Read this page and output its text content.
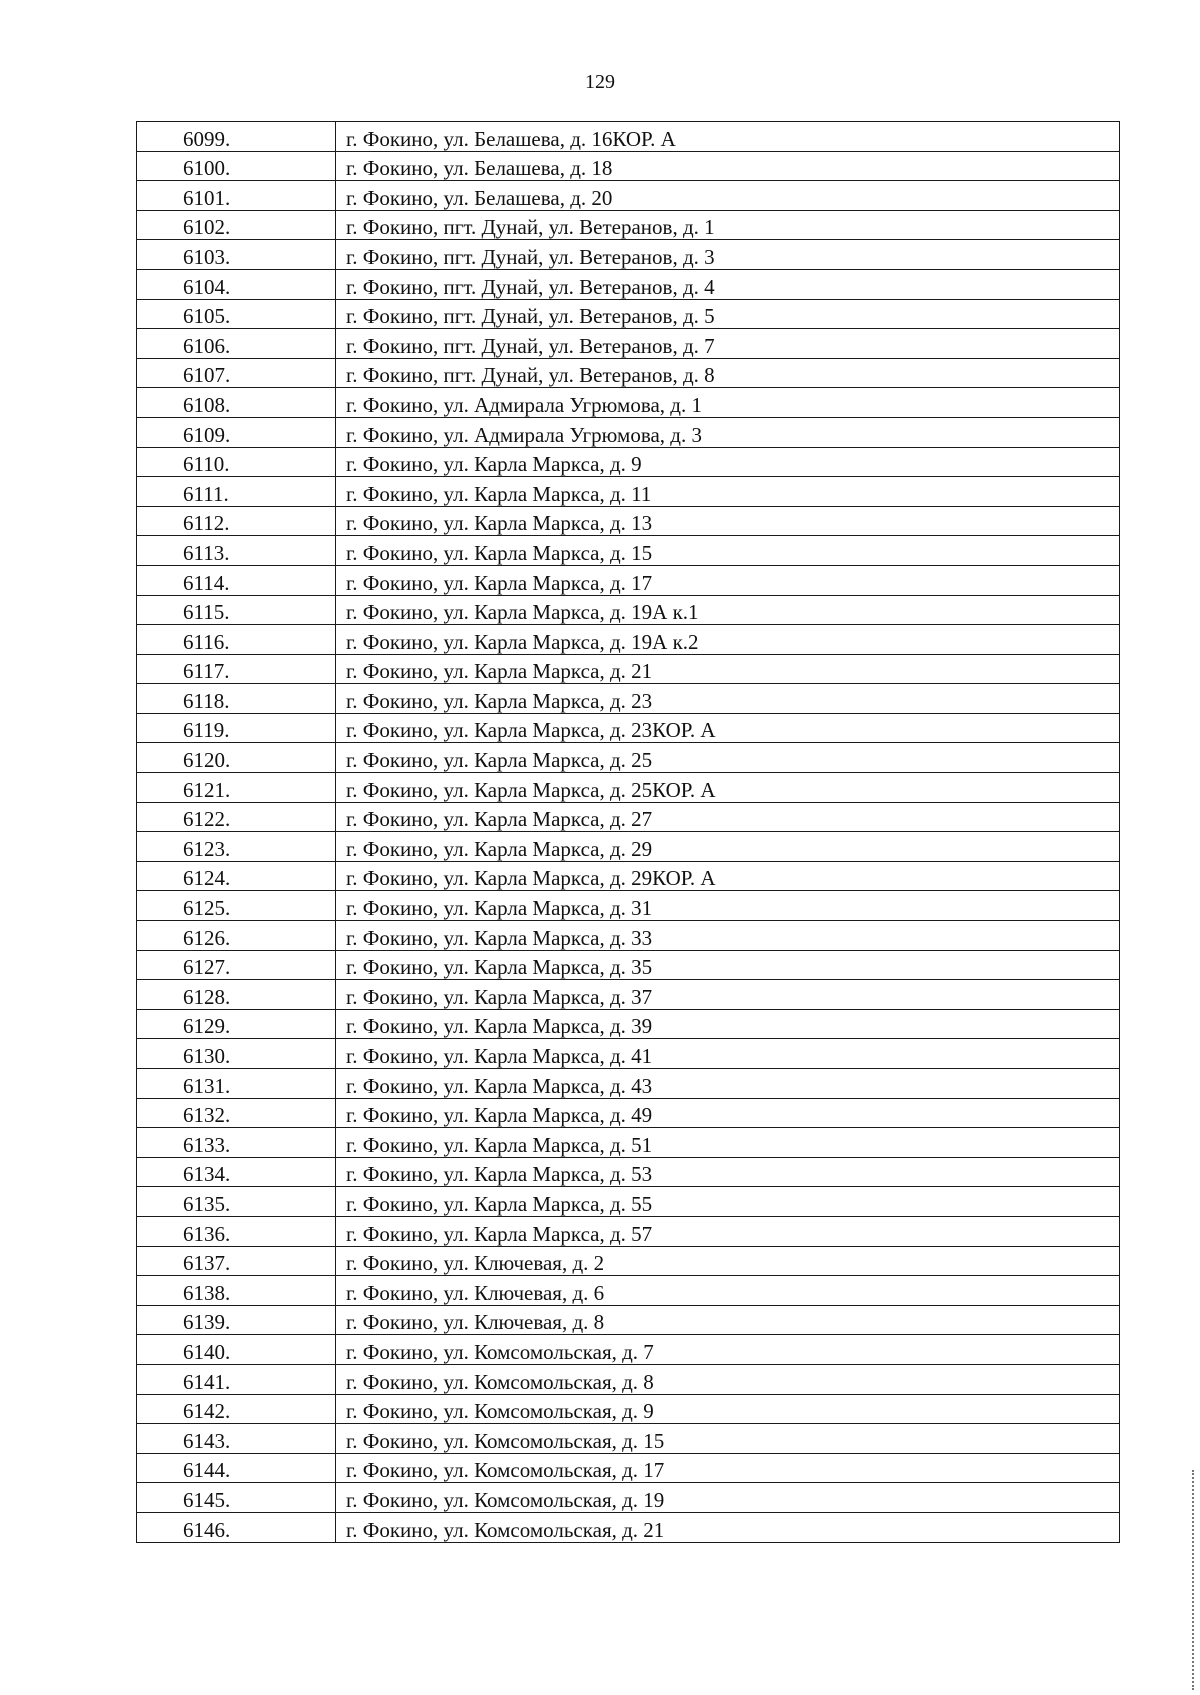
129
6099.	г. Фокино, ул. Белашева, д. 16КОР. А
6100.	г. Фокино, ул. Белашева, д. 18
6101.	г. Фокино, ул. Белашева, д. 20
6102.	г. Фокино, пгт. Дунай, ул. Ветеранов, д. 1
6103.	г. Фокино, пгт. Дунай, ул. Ветеранов, д. 3
6104.	г. Фокино, пгт. Дунай, ул. Ветеранов, д. 4
6105.	г. Фокино, пгт. Дунай, ул. Ветеранов, д. 5
6106.	г. Фокино, пгт. Дунай, ул. Ветеранов, д. 7
6107.	г. Фокино, пгт. Дунай, ул. Ветеранов, д. 8
6108.	г. Фокино, ул. Адмирала Угрюмова, д. 1
6109.	г. Фокино, ул. Адмирала Угрюмова, д. 3
6110.	г. Фокино, ул. Карла Маркса, д. 9
6111.	г. Фокино, ул. Карла Маркса, д. 11
6112.	г. Фокино, ул. Карла Маркса, д. 13
6113.	г. Фокино, ул. Карла Маркса, д. 15
6114.	г. Фокино, ул. Карла Маркса, д. 17
6115.	г. Фокино, ул. Карла Маркса, д. 19А к.1
6116.	г. Фокино, ул. Карла Маркса, д. 19А к.2
6117.	г. Фокино, ул. Карла Маркса, д. 21
6118.	г. Фокино, ул. Карла Маркса, д. 23
6119.	г. Фокино, ул. Карла Маркса, д. 23КОР. А
6120.	г. Фокино, ул. Карла Маркса, д. 25
6121.	г. Фокино, ул. Карла Маркса, д. 25КОР. А
6122.	г. Фокино, ул. Карла Маркса, д. 27
6123.	г. Фокино, ул. Карла Маркса, д. 29
6124.	г. Фокино, ул. Карла Маркса, д. 29КОР. А
6125.	г. Фокино, ул. Карла Маркса, д. 31
6126.	г. Фокино, ул. Карла Маркса, д. 33
6127.	г. Фокино, ул. Карла Маркса, д. 35
6128.	г. Фокино, ул. Карла Маркса, д. 37
6129.	г. Фокино, ул. Карла Маркса, д. 39
6130.	г. Фокино, ул. Карла Маркса, д. 41
6131.	г. Фокино, ул. Карла Маркса, д. 43
6132.	г. Фокино, ул. Карла Маркса, д. 49
6133.	г. Фокино, ул. Карла Маркса, д. 51
6134.	г. Фокино, ул. Карла Маркса, д. 53
6135.	г. Фокино, ул. Карла Маркса, д. 55
6136.	г. Фокино, ул. Карла Маркса, д. 57
6137.	г. Фокино, ул. Ключевая, д. 2
6138.	г. Фокино, ул. Ключевая, д. 6
6139.	г. Фокино, ул. Ключевая, д. 8
6140.	г. Фокино, ул. Комсомольская, д. 7
6141.	г. Фокино, ул. Комсомольская, д. 8
6142.	г. Фокино, ул. Комсомольская, д. 9
6143.	г. Фокино, ул. Комсомольская, д. 15
6144.	г. Фокино, ул. Комсомольская, д. 17
6145.	г. Фокино, ул. Комсомольская, д. 19
6146.	г. Фокино, ул. Комсомольская, д. 21
